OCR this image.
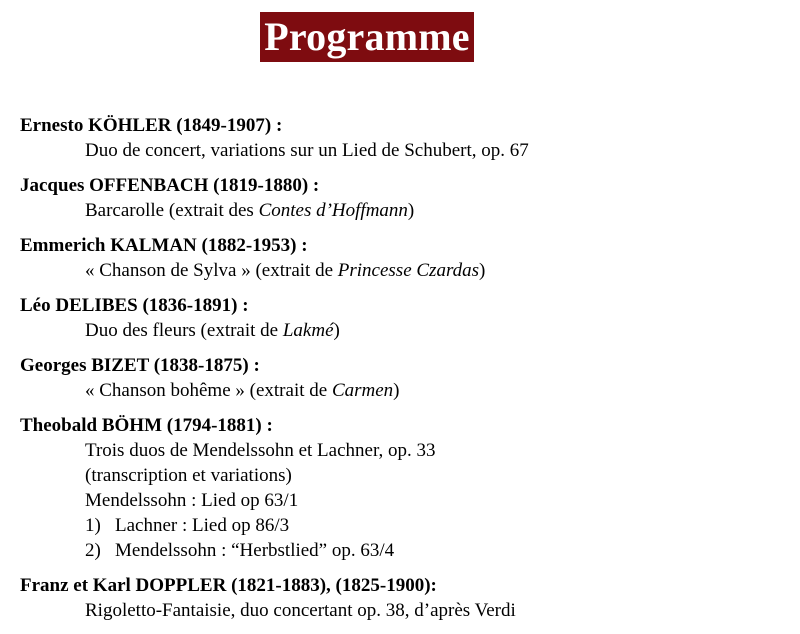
Programme
Ernesto KÖHLER (1849-1907) :
Duo de concert, variations sur un Lied de Schubert, op. 67
Jacques OFFENBACH (1819-1880) :
Barcarolle (extrait des Contes d’Hoffmann)
Emmerich KALMAN (1882-1953) :
« Chanson de Sylva » (extrait de Princesse Czardas)
Léo DELIBES (1836-1891) :
Duo des fleurs (extrait de Lakmé)
Georges BIZET (1838-1875) :
« Chanson bohême » (extrait de Carmen)
Theobald BÖHM (1794-1881) :
Trois duos de Mendelssohn et Lachner, op. 33
(transcription et variations)
Mendelssohn : Lied op 63/1
1) Lachner : Lied op 86/3
2) Mendelssohn : “Herbstlied” op. 63/4
Franz et Karl DOPPLER (1821-1883), (1825-1900):
Rigoletto-Fantaisie, duo concertant op. 38, d’après Verdi
